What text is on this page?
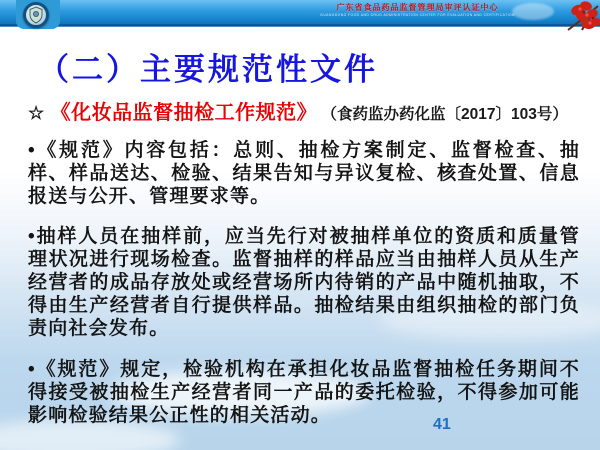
广东省食品药品监督管理局审评认证中心
GUANGDONG FOOD AND DRUG ADMINISTRATION CENTER FOR EVALUATION AND CERTIFICATION
（二）主要规范性文件

☆ 《化妆品监督抽检工作规范》 （食药监办药化监〔2017〕103号）

•《规范》内容包括：总则、抽检方案制定、监督检查、抽样、样品送达、检验、结果告知与异议复检、核查处置、信息报送与公开、管理要求等。

•抽样人员在抽样前，应当先行对被抽样单位的资质和质量管理状况进行现场检查。监督抽样的样品应当由抽样人员从生产经营者的成品存放处或经营场所内待销的产品中随机抽取，不得由生产经营者自行提供样品。抽检结果由组织抽检的部门负责向社会发布。

•《规范》规定，检验机构在承担化妆品监督抽检任务期间不得接受被抽检生产经营者同一产品的委托检验，不得参加可能影响检验结果公正性的相关活动。	41
